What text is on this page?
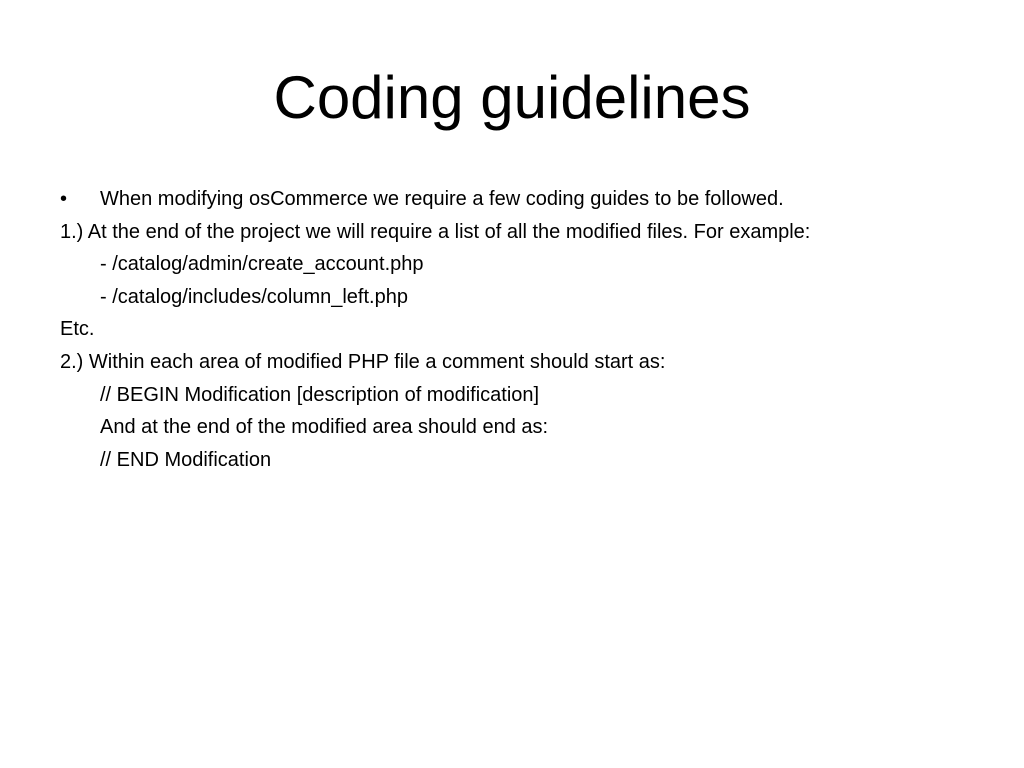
Coding guidelines
• When modifying osCommerce we require a few coding guides to be followed.
1.) At the end of the project we will require a list of all the modified files. For example:
- /catalog/admin/create_account.php
- /catalog/includes/column_left.php
Etc.
2.) Within each area of modified PHP file a comment should start as:
// BEGIN Modification [description of modification]
And at the end of the modified area should end as:
// END Modification
